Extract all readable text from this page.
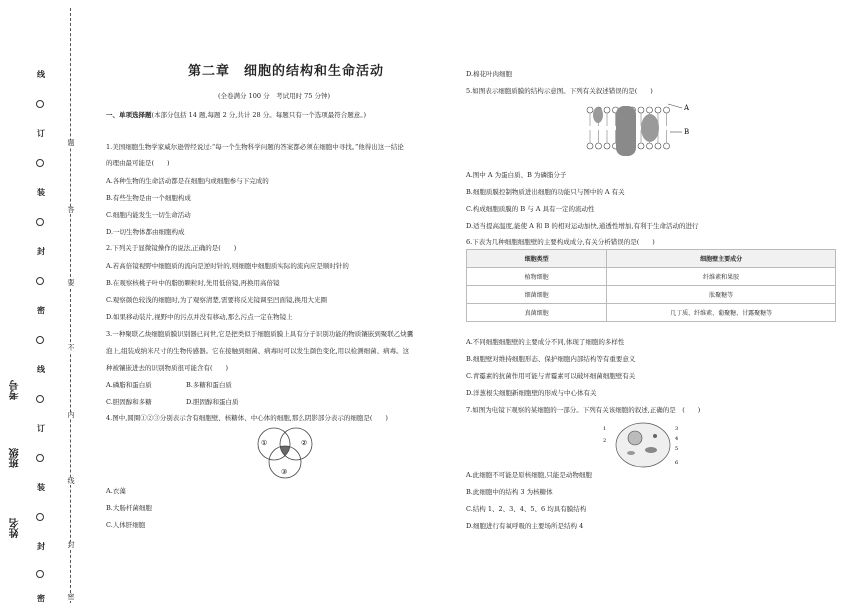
线
订
装
封
密
线
订
装
封
密
题
答
要
不
内
线
封
密
考号
班级
姓名
第二章　细胞的结构和生命活动
(全卷满分 100 分　考试用时 75 分钟)
一、单项选择题(本部分包括 14 题,每题 2 分,共计 28 分。每题只有一个选项最符合题意。)
1.美国细胞生物学家威尔逊曾经说过:“每一个生物科学问题的答案都必须在细胞中寻找。”他得出这一结论
的理由最可能是(　　)
A.各种生物的生命活动都是在细胞内或细胞参与下完成的
B.有些生物是由一个细胞构成
C.细胞内能发生一切生命活动
D.一切生物体都由细胞构成
2.下列关于显微镜操作的说法,正确的是(　　)
A.若高倍镜视野中细胞质的流向是逆时针的,则细胞中细胞质实际的流向应是顺时针的
B.在观察核桃子叶中的脂肪颗粒时,先用低倍镜,再换用高倍镜
C.观察颜色较浅的细胞时,为了观察清楚,需要将反光镜调至凹面镜,换用大光圈
D.如果移动装片,视野中的污点并没有移动,那么污点一定在物镜上
3.一种聚联乙炔细胞质膜识别器已问世,它是把类似于细胞质膜上具有分子识别功能的物质镶嵌到聚联乙炔囊
泡上,组装成纳米尺寸的生物传感器。它在接触到细菌、病毒时可以发生颜色变化,用以检测细菌、病毒。这
种被镶嵌进去的识别物质很可能含有(　　)
A.磷脂和蛋白质	B.多糖和蛋白质
C.胆固醇和多糖	D.胆固醇和蛋白质
4.图中,圆圈①②③分别表示含有细胞壁、核糖体、中心体的细胞,那么阴影部分表示的细胞是(　　)
①	②
③
A.衣藻
B.大肠杆菌细胞
C.人体肝细胞
D.棉花叶肉细胞
5.如图表示细胞质膜的结构示意图。下列有关叙述错误的是(　　)
A
B
A.图中 A 为蛋白质、B 为磷脂分子
B.细胞质膜控制物质进出细胞的功能只与图中的 A 有关
C.构成细胞质膜的 B 与 A 具有一定的流动性
D.适当提高温度,能使 A 和 B 的相对运动加快,通透性增加,有利于生命活动的进行
6.下表为几种细胞细胞壁的主要构成成分,有关分析错误的是(　　)
细胞类型	细胞壁主要成分
植物细胞	纤维素和果胶
细菌细胞	肽聚糖等
真菌细胞	几丁质、纤维素、葡聚糖、甘露聚糖等
A.不同细胞细胞壁的主要成分不同,体现了细胞的多样性
B.细胞壁对维持细胞形态、保护细胞内部结构等有重要意义
C.青霉素的抗菌作用可能与青霉素可以破坏细菌细胞壁有关
D.洋葱根尖细胞新细胞壁的形成与中心体有关
7.如图为电镜下观察的某细胞的一部分。下列有关该细胞的叙述,正确的是　(　　)
1
2
3
4
5
6
A.此细胞不可能是原核细胞,只能是动物细胞
B.此细胞中的结构 3 为核糖体
C.结构 1、2、3、4、5、6 均具有膜结构
D.细胞进行有氧呼吸的主要场所是结构 4
